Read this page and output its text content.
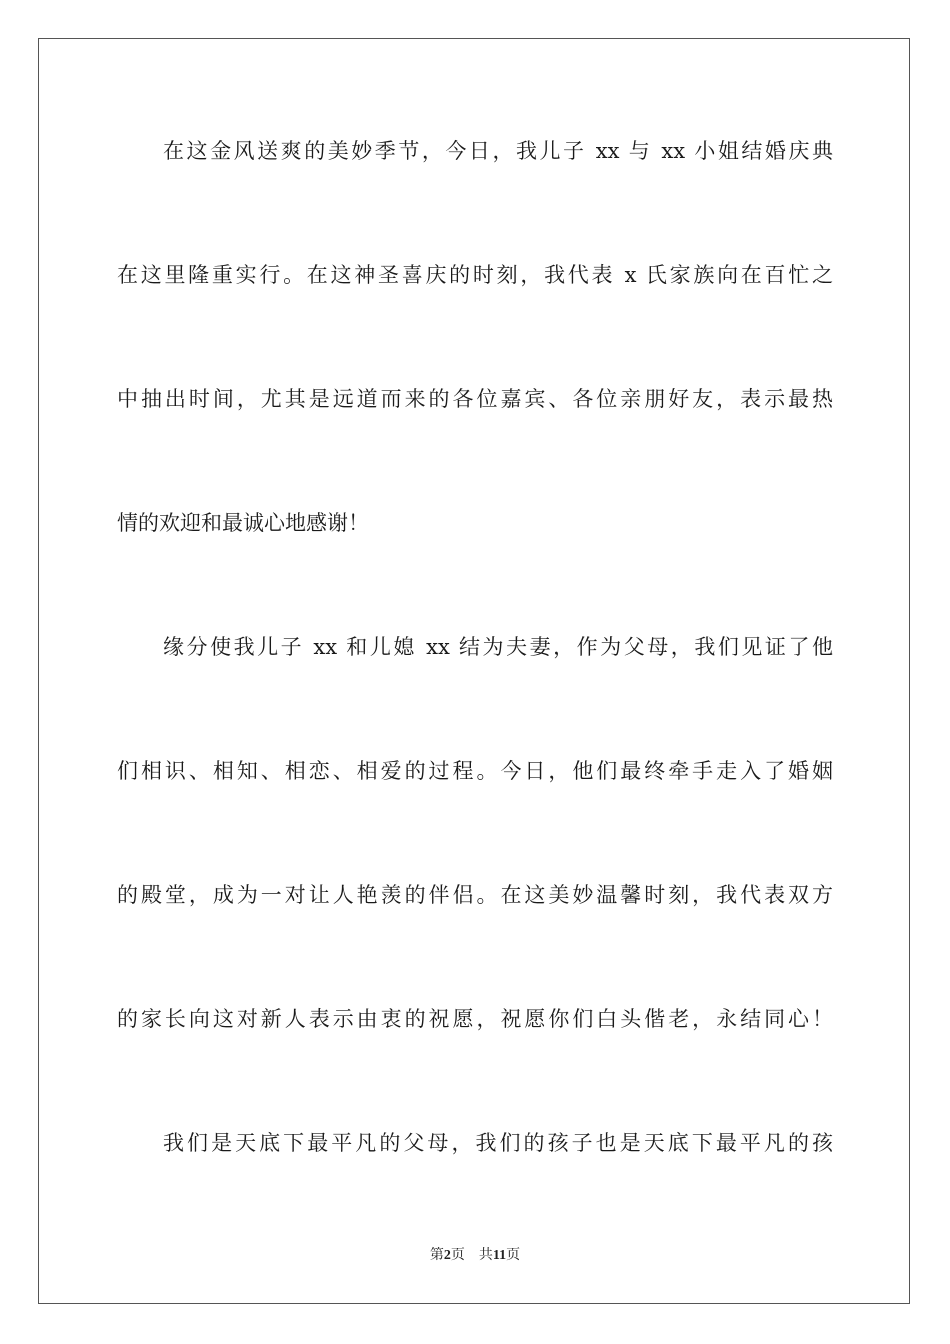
在这金风送爽的美妙季节，今日，我儿子 xx 与 xx 小姐结婚庆典
在这里隆重实行。在这神圣喜庆的时刻，我代表 x 氏家族向在百忙之
中抽出时间，尤其是远道而来的各位嘉宾、各位亲朋好友，表示最热
情的欢迎和最诚心地感谢！
缘分使我儿子 xx 和儿媳 xx 结为夫妻，作为父母，我们见证了他
们相识、相知、相恋、相爱的过程。今日，他们最终牵手走入了婚姻
的殿堂，成为一对让人艳羡的伴侣。在这美妙温馨时刻，我代表双方
的家长向这对新人表示由衷的祝愿，祝愿你们白头偕老，永结同心！
我们是天底下最平凡的父母，我们的孩子也是天底下最平凡的孩
第2页 共11页
